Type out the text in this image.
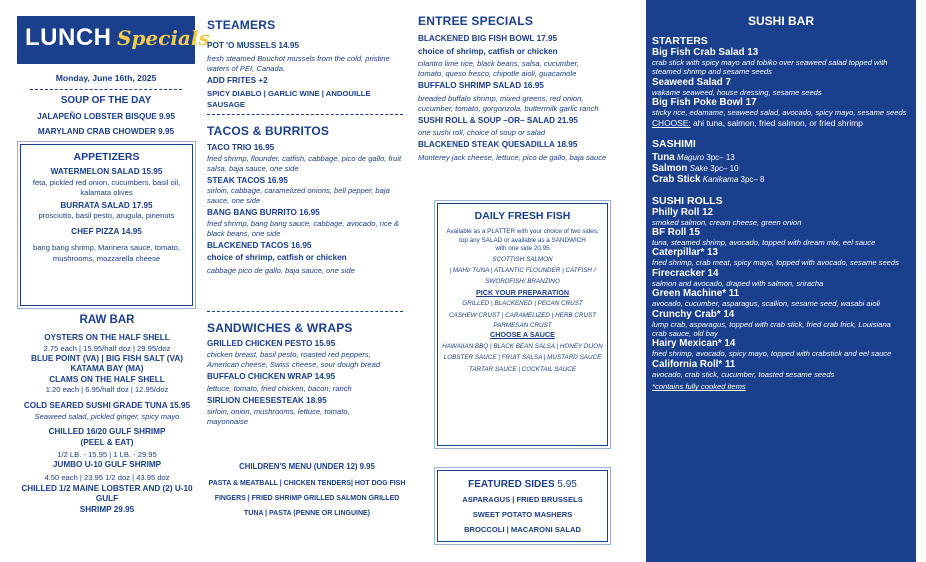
LUNCH Specials
Monday, June 16th, 2025
SOUP OF THE DAY
JALAPEÑO LOBSTER BISQUE 9.95
MARYLAND CRAB CHOWDER 9.95
APPETIZERS
WATERMELON SALAD 15.95
feta, pickled red onion, cucumbers, basil oil, kalamata olives
BURRATA SALAD 17.95
prosciutto, basil pesto, arugula, pinenuts
CHEF PIZZA 14.95
bang bang shrimp, Marinera sauce, tomato, mushrooms, mozzarella cheese
RAW BAR
OYSTERS ON THE HALF SHELL
2.75 each | 15.95/half doz | 29.95/doz
BLUE POINT (VA) | BIG FISH SALT (VA)
KATAMA BAY (MA)
CLAMS ON THE HALF SHELL
1.20 each | 6.95/half doz | 12.95/doz
COLD SEARED SUSHI GRADE TUNA 15.95
Seaweed salad, pickled ginger, spicy mayo
CHILLED 16/20 GULF SHRIMP
(PEEL & EAT)
1/2 LB. - 15.95 | 1 LB. - 29.95
JUMBO U-10 GULF SHRIMP
4.50 each | 23.95 1/2 doz | 43.95 doz
CHILLED 1/2 MAINE LOBSTER AND (2) U-10 GULF
SHRIMP 29.95
STEAMERS
POT 'O MUSSELS 14.95
fresh steamed Bouchot mussels from the cold, pristine waters of PEI, Canada.
ADD FRITES +2
SPICY DIABLO | GARLIC WINE | ANDOUILLE SAUSAGE
TACOS & BURRITOS
TACO TRIO 16.95
fried shrimp, flounder, catfish, cabbage, pico de gallo, fruit salsa, baja sauce, one side
STEAK TACOS 16.95
sirloin, cabbage, caramelized onions, bell pepper, baja sauce, one side
BANG BANG BURRITO 16.95
fried shrimp, bang bang sauce, cabbage, avocado, rice & black beans, one side
BLACKENED TACOS 16.95
choice of shrimp, catfish or chicken
cabbage pico de gallo, baja sauce, one side
SANDWICHES & WRAPS
GRILLED CHICKEN PESTO 15.95
chicken breast, basil pesto, roasted red peppers, American cheese, Swiss cheese, sour dough bread
BUFFALO CHICKEN WRAP 14.95
lettuce, tomato, fried chicken, bacon, ranch
SIRLION CHEESESTEAK 18.95
sirloin, onion, mushrooms, lettuce, tomato, mayonnaise
CHILDREN'S MENU (UNDER 12) 9.95
PASTA & MEATBALL | CHICKEN TENDERS| HOT DOG FISH
FINGERS | FRIED SHRIMP GRILLED SALMON GRILLED
TUNA | PASTA (PENNE OR LINGUINE)
ENTREE SPECIALS
BLACKENED BIG FISH BOWL 17.95
choice of shrimp, catfish or chicken
cilantro lime rice, black beans, salsa, cucumber, tomato, queso fresco, chipotle aioli, guacamole
BUFFALO SHRIMP SALAD 16.95
breaded buffalo shrimp, mixed greens, red onion, cucumber, tomato, gorgonzola, buttermilk garlic ranch
SUSHI ROLL & SOUP –OR– SALAD 21.95
one sushi roll, choice of soup or salad
BLACKENED STEAK QUESADILLA 18.95
Monterey jack cheese, lettuce, pico de gallo, baja sauce
DAILY FRESH FISH
Available as a PLATTER with your choice of two sides,
top any SALAD or available as a SANDWICH
with one side 20.95
SCOTTISH SALMON
| MAHI/ TUNA | ATLANTIC FLOUNDER | CATFISH /
SWORDFISH/ BRANZINO
PICK YOUR PREPARATION
GRILLED | BLACKENED | PECAN CRUST
CASHEW CRUST | CARAMELIZED | HERB CRUST
PARMESAN CRUST
CHOOSE A SAUCE
HAWAIIAN BBQ | BLACK BEAN SALSA | HONEY DIJON
LOBSTER SAUCE | FRUIT SALSA | MUSTARD SAUCE
TARTAR SAUCE | COCKTAIL SAUCE
FEATURED SIDES 5.95
ASPARAGUS | FRIED BRUSSELS
SWEET POTATO MASHERS
BROCCOLI | MACARONI SALAD
SUSHI BAR
STARTERS
Big Fish Crab Salad 13
crab stick with spicy mayo and tobiko over seaweed salad topped with steamed shrimp and sesame seeds
Seaweed Salad 7
wakame seaweed, house dressing, sesame seeds
Big Fish Poke Bowl 17
sticky rice, edamame, seaweed salad, avocado, spicy mayo, sesame seeds
CHOOSE: ahi tuna, salmon, fried salmon, or fried shrimp
SASHIMI
Tuna Maguro 3pc– 13
Salmon Sake 3pc– 10
Crab Stick Kanikama 3pc– 8
SUSHI ROLLS
Philly Roll 12
smoked salmon, cream cheese, green onion
BF Roll 15
tuna, steamed shrimp, avocado, topped with dream mix, eel sauce
Caterpillar* 13
fried shrimp, crab meat, spicy mayo, topped with avocado, sesame seeds
Firecracker 14
salmon and avocado, draped with salmon, sriracha
Green Machine* 11
avocado, cucumber, asparagus, scallion, sesame seed, wasabi aioli
Crunchy Crab* 14
lump crab, asparagus, topped with crab stick, fried crab frick, Louisiana crab sauce, old bay
Hairy Mexican* 14
fried shrimp, avocado, spicy mayo, topped with crabstick and eel sauce
California Roll* 11
avocado, crab stick, cucumber, toasted sesame seeds
*contains fully cooked items
